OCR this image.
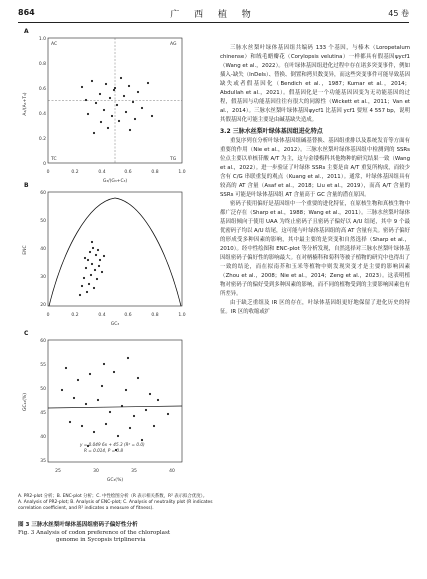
864	广 西 植 物	45 卷
A
1.0
0.8
0.6
0.4
0.2
0
0	0.2	0.4	0.6	0.8	1.0
AC	AG
TC	TG
A₃/(A₃+T₃)
G₃/(G₃+C₃)
B
60
50
40
30
20
0	0.2	0.4	0.6	0.8	1.0
ENC
GC₃
C
60
55
50
45
40
35
25	30	35	40
y = 0.049 6x + 45.3 (R² = 0.0)
R = 0.014, P = 0.8
GC₁₂(%)
GC₃(%)
A. PR2-plot 分析；B. ENC-plot 分析；C. 中性绘图分析（R 表示相关系数，R² 表示拟合优度）。
A. Analysis of PR2-plot; B. Analysis of ENC-plot; C. Analysis of neutrality plot (R indicates correlation coefficient, and R² indicates a measure of fitness).
图 3 三脉水丝梨叶绿体基因组密码子偏好性分析
Fig. 3 Analysis of codon preference of the chloroplast
genome in Sycopsis triplinervia

三脉水丝梨叶绿体基因组共编码 133 个基因，与榛木（Loropetalum chinense）和绒毛蜡瓣花（Corylopsis velutina）一样都具有假基因ψycf1（Wang et al.，2022）。在叶绿体基因组进化过程中存在诸多突变事件，例如插入-缺失（InDels）、替换、倒置和拷贝数变异，而这些突变事件可能导致基因缺失或者假基因化（Bendich et al.，1987；Kumar et al.，2014；Abdullah et al.，2021）。假基因化是一个功能基因因变为无功能基因的过程，假基因与功能基因往往有很大的同源性（Wickett et al.，2011；Van et al.，2014）。三脉水丝梨叶绿体基因ψycf1 比基因 ycf1 要短 4 557 bp，说明其假基因化可能主要是由碱基缺失造成。

3.2 三脉水丝梨叶绿体基因组进化特点

重复序列在分析叶绿体基因组碱基替换、基因组重排以及系统发育等方面有重要的作用（Nie et al.，2012）。三脉水丝梨叶绿体基因组中检测到的 SSRs 位点主要以单核苷酸 A/T 为主，这与金缕梅科其他物种的研究结果一致（Wang et al.，2022）。进一步验证了叶绿体 SSRs 主要是由 A/T 重复所构成，而较少含有 C/G 串联重复的观点（Kuang et al.，2011）。通常，叶绿体基因组具有较高的 AT 含量（Asaf et al.，2018；Liu et al.，2019），而高 A/T 含量的 SSRs 可能是叶绿体基因组 AT 含量高于 GC 含量的潜在原因。

密码子使用偏好是基因组中一个重要的进化特征，在原核生物和真核生物中都广泛存在（Sharp et al.，1988；Wang et al.，2011）。三脉水丝梨叶绿体基因组倾向于使用 UAA 为终止密码子且密码子偏好以 A/U 结尾，其中 9 个最优密码子均以 A/U 结尾，这可能与叶绿体基因组的高 AT 含量有关。密码子偏好的形成受多种因素的影响，其中最主要的是突变和自然选择（Sharp et al.，2010）。经中性绘图和 ENC-plot 等分析发现，自然选择对三脉水丝梨叶绿体基因组密码子偏好性的影响最大。在对柄楠科和菊科等被子植物的研究中也得出了一致的结论，而在拟南芥和玉米等植物中则发现突变才是主要的影响因素（Zhou et al.，2008；Nie et al.，2014；Zeng et al.，2023）。这表明植物对密码子的偏好受到多种因素的影响，而不同的植物受到的主要影响因素也有所差异。

由于缺乏重组及 IR 区的存在，叶绿体基因组更好地保留了进化历史的特征。IR 区的收缩或扩
